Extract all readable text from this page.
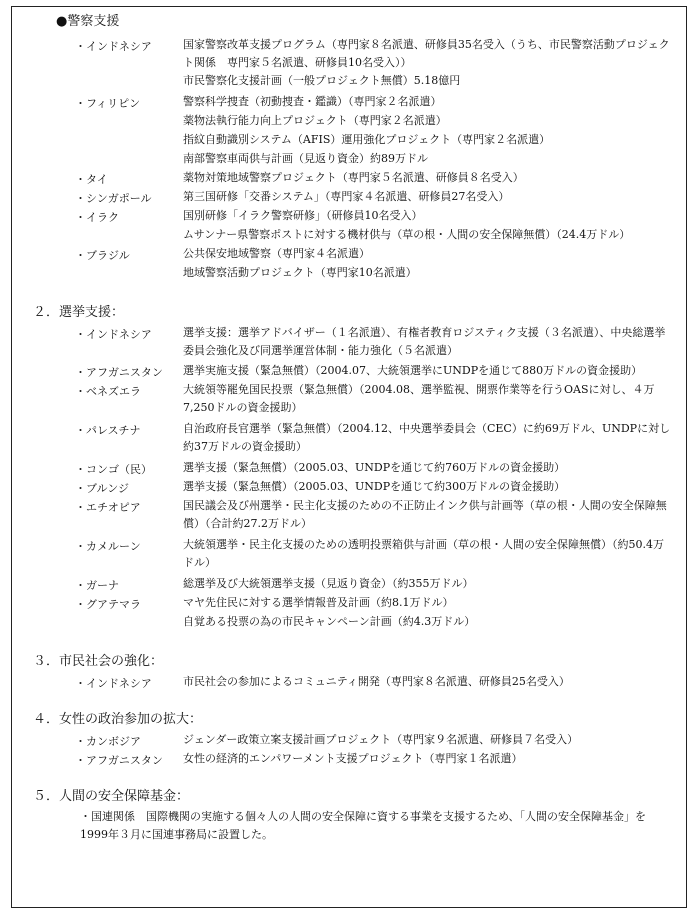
●警察支援
・インドネシア	国家警察改革支援プログラム（専門家８名派遣、研修員35名受入（うち、市民警察活動プロジェクト関係　専門家５名派遣、研修員10名受入））
市民警察化支援計画（一般プロジェクト無償）5.18億円
・フィリピン	警察科学捜査（初動捜査・鑑識）（専門家２名派遣）
薬物法執行能力向上プロジェクト（専門家２名派遣）
指紋自動識別システム（AFIS）運用強化プロジェクト（専門家２名派遣）
南部警察車両供与計画（見返り資金）約89万ドル
・タイ	薬物対策地域警察プロジェクト（専門家５名派遣、研修員８名受入）
・シンガポール	第三国研修「交番システム」（専門家４名派遣、研修員27名受入）
・イラク	国別研修「イラク警察研修」（研修員10名受入）
ムサンナー県警察ポストに対する機材供与（草の根・人間の安全保障無償）（24.4万ドル）
・ブラジル	公共保安地域警察（専門家４名派遣）
地域警察活動プロジェクト（専門家10名派遣）
２．選挙支援：
・インドネシア	選挙支援：選挙アドバイザー（１名派遣）、有権者教育ロジスティク支援（３名派遣）、中央総選挙委員会強化及び同選挙運営体制・能力強化（５名派遣）
・アフガニスタン 選挙実施支援（緊急無償）（2004.07、大統領選挙にUNDPを通じて880万ドルの資金援助）
・ベネズエラ	大統領等罷免国民投票（緊急無償）（2004.08、選挙監視、開票作業等を行うOASに対し、４万7,250ドルの資金援助）
・パレスチナ	自治政府長官選挙（緊急無償）（2004.12、中央選挙委員会（CEC）に約69万ドル、UNDPに対し約37万ドルの資金援助）
・コンゴ（民）	選挙支援（緊急無償）（2005.03、UNDPを通じて約760万ドルの資金援助）
・ブルンジ	選挙支援（緊急無償）（2005.03、UNDPを通じて約300万ドルの資金援助）
・エチオピア	国民議会及び州選挙・民主化支援のための不正防止インク供与計画等（草の根・人間の安全保障無償）（合計約27.2万ドル）
・カメルーン	大統領選挙・民主化支援のための透明投票箱供与計画（草の根・人間の安全保障無償）（約50.4万ドル）
・ガーナ	総選挙及び大統領選挙支援（見返り資金）（約355万ドル）
・グアテマラ	マヤ先住民に対する選挙情報普及計画（約8.1万ドル）
自覚ある投票の為の市民キャンペーン計画（約4.3万ドル）
３．市民社会の強化：
・インドネシア	市民社会の参加によるコミュニティ開発（専門家８名派遣、研修員25名受入）
４．女性の政治参加の拡大：
・カンボジア	ジェンダー政策立案支援計画プロジェクト（専門家９名派遣、研修員７名受入）
・アフガニスタン 女性の経済的エンパワーメント支援プロジェクト（専門家１名派遣）
５．人間の安全保障基金：
・国連関係　国際機関の実施する個々人の人間の安全保障に資する事業を支援するため、「人間の安全保障基金」を1999年３月に国連事務局に設置した。
